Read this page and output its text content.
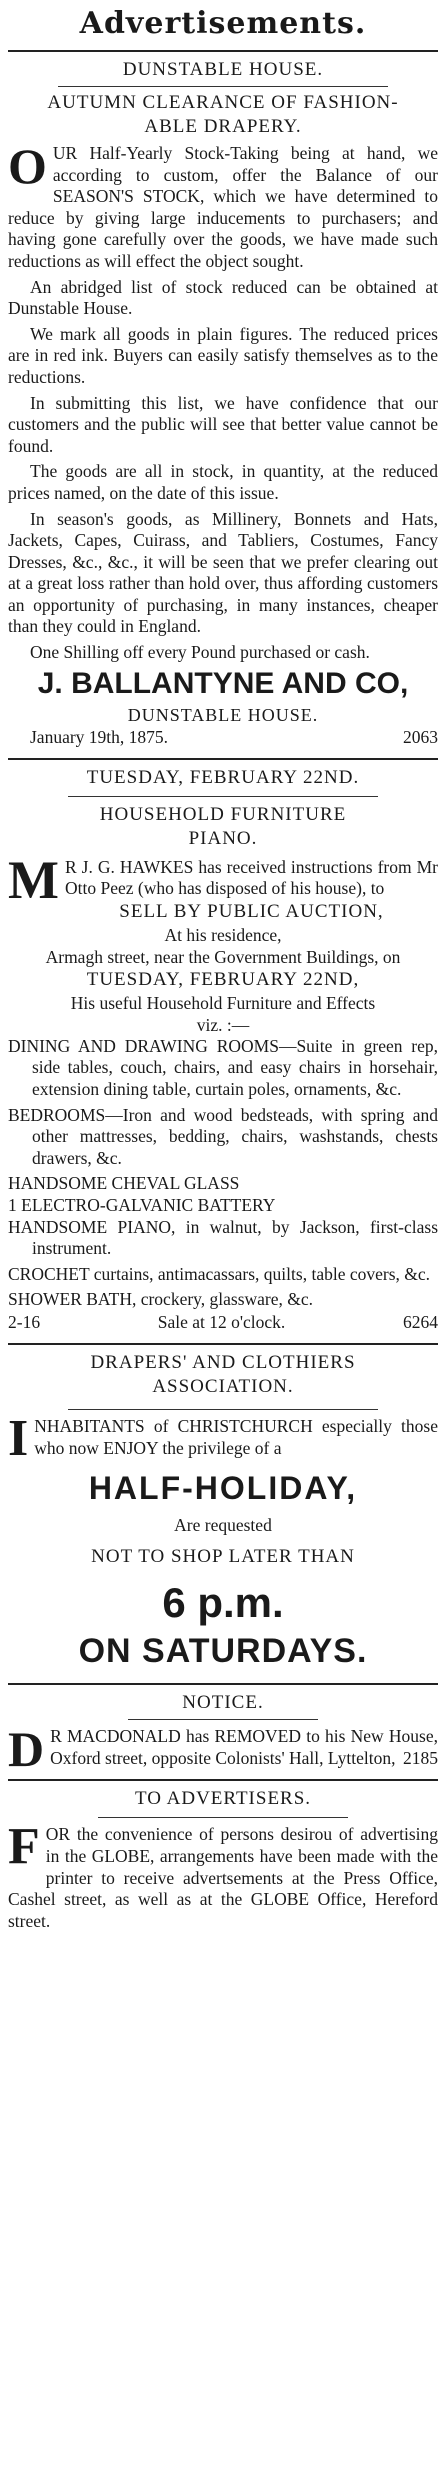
Advertisements.
DUNSTABLE HOUSE.
AUTUMN CLEARANCE OF FASHION-
ABLE DRAPERY.

OUR Half-Yearly Stock-Taking being at hand, we according to custom, offer the Balance of our SEASON'S STOCK, which we have determined to reduce by giving large inducements to purchasers; and having gone carefully over the goods, we have made such reductions as will effect the object sought.

An abridged list of stock reduced can be obtained at Dunstable House.

We mark all goods in plain figures. The reduced prices are in red ink. Buyers can easily satisfy themselves as to the reductions.

In submitting this list, we have confidence that our customers and the public will see that better value cannot be found.

The goods are all in stock, in quantity, at the reduced prices named, on the date of this issue.

In season's goods, as Millinery, Bonnets and Hats, Jackets, Capes, Cuirass, and Tabliers, Costumes, Fancy Dresses, &c., &c., it will be seen that we prefer clearing out at a great loss rather than hold over, thus affording customers an opportunity of purchasing, in many instances, cheaper than they could in England.

One Shilling off every Pound purchased or cash.

J. BALLANTYNE AND CO,
DUNSTABLE HOUSE.
January 19th, 1875.	2063
TUESDAY, FEBRUARY 22ND.
HOUSEHOLD FURNITURE
PIANO.

M R J. G. HAWKES has received instructions from Mr Otto Peez (who has disposed of his house), to

SELL BY PUBLIC AUCTION,
At his residence,
Armagh street, near the Government Buildings, on
TUESDAY, FEBRUARY 22ND,
His useful Household Furniture and Effects
viz. :—

DINING AND DRAWING ROOMS—Suite in green rep, side tables, couch, chairs, and easy chairs in horsehair, extension dining table, curtain poles, ornaments, &c.

BEDROOMS—Iron and wood bedsteads, with spring and other mattresses, bedding, chairs, washstands, chests drawers, &c.

HANDSOME CHEVAL GLASS

1 ELECTRO-GALVANIC BATTERY

HANDSOME PIANO, in walnut, by Jackson, first-class instrument.

CROCHET curtains, antimacassars, quilts, table covers, &c.

SHOWER BATH, crockery, glassware, &c.

2-16	Sale at 12 o'clock.	6264
DRAPERS' AND CLOTHIERS
ASSOCIATION.

INHABITANTS of CHRISTCHURCH especially those who now ENJOY the privilege of a

HALF-HOLIDAY,
Are requested
NOT TO SHOP LATER THAN
6 p.m.
ON SATURDAYS.
NOTICE.

D R MACDONALD has REMOVED to his New House, Oxford street, opposite Colonists' Hall, Lyttelton, 2185

TO ADVERTISERS.

FOR the convenience of persons desirou of advertising in the GLOBE, arrangements have been made with the printer to receive advertsements at the Press Office, Cashel street, as well as at the GLOBE Office, Hereford street.
